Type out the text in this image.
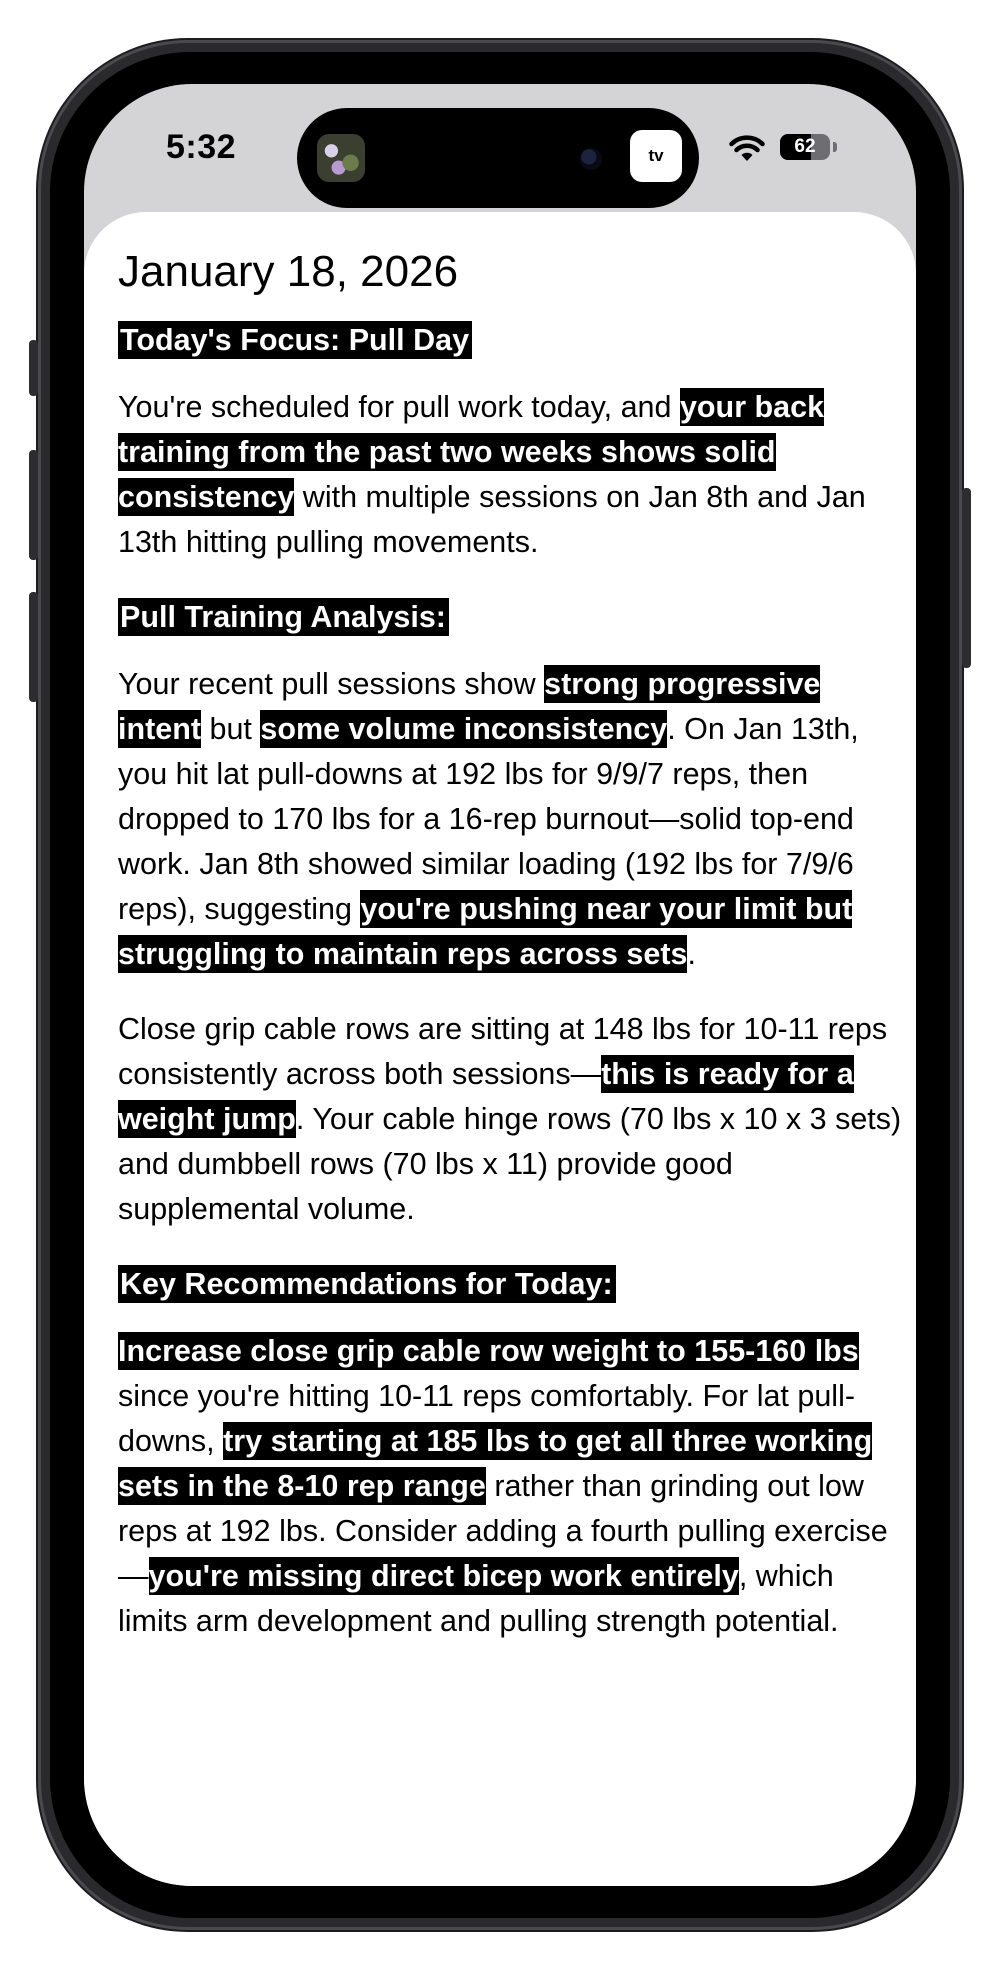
5:32	tv	62
January 18, 2026
Today's Focus: Pull Day
You're scheduled for pull work today, and your back training from the past two weeks shows solid consistency with multiple sessions on Jan 8th and Jan 13th hitting pulling movements.
Pull Training Analysis:
Your recent pull sessions show strong progressive intent but some volume inconsistency. On Jan 13th, you hit lat pull-downs at 192 lbs for 9/9/7 reps, then dropped to 170 lbs for a 16-rep burnout—solid top-end work. Jan 8th showed similar loading (192 lbs for 7/9/6 reps), suggesting you're pushing near your limit but struggling to maintain reps across sets.
Close grip cable rows are sitting at 148 lbs for 10-11 reps consistently across both sessions—this is ready for a weight jump. Your cable hinge rows (70 lbs x 10 x 3 sets) and dumbbell rows (70 lbs x 11) provide good supplemental volume.
Key Recommendations for Today:
Increase close grip cable row weight to 155-160 lbs since you're hitting 10-11 reps comfortably. For lat pull-downs, try starting at 185 lbs to get all three working sets in the 8-10 rep range rather than grinding out low reps at 192 lbs. Consider adding a fourth pulling exercise—you're missing direct bicep work entirely, which limits arm development and pulling strength potential.
